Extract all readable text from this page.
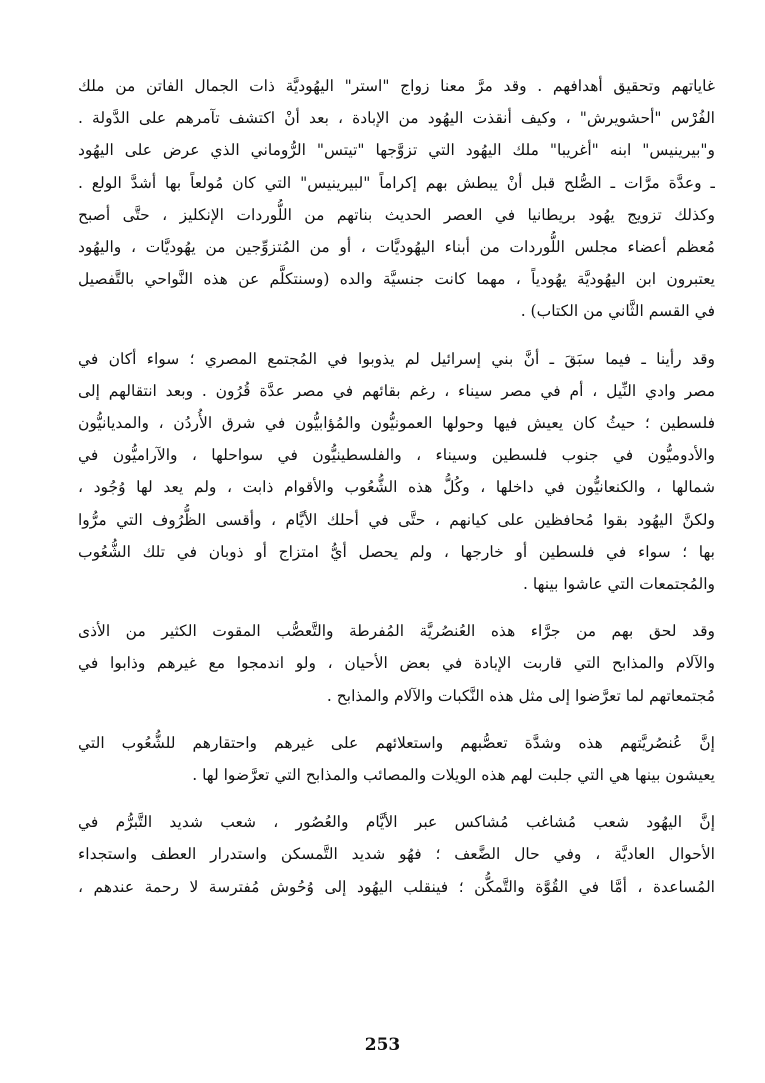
غاياتهم وتحقيق أهدافهم . وقد مرَّ معنا زواج "استر" اليهُوديَّة ذات الجمال الفاتن من ملك
الفُرْس "أحشويرش" ، وكيف أنقذت اليهُود من الإبادة ، بعد أنْ اكتشف تآمرهم على الدَّولة .
و"بيرينيس" ابنه "أغريبا" ملك اليهُود التي تزوَّجها "تيتس" الرُّوماني الذي عرض على اليهُود
ـ وعدَّة مرَّات ـ الصُّلح قبل أنْ يبطش بهم إكراماً "لبيرينيس" التي كان مُولعاً بها أشدَّ الولع .
وكذلك تزويج يهُود بريطانيا في العصر الحديث بناتهم من اللُّوردات الإنكليز ، حتَّى أصبح
مُعظم أعضاء مجلس اللُّوردات من أبناء اليهُوديَّات ، أو من المُتزوِّجين من يهُوديَّات ، واليهُود
يعتبرون ابن اليهُوديَّة يهُودياً ، مهما كانت جنسيَّة والده (وسنتكلَّم عن هذه النَّواحي بالتَّفصيل
في القسم الثَّاني من الكتاب) .

وقد رأينا ـ فيما سبَقَ ـ أنَّ بني إسرائيل لم يذوبوا في المُجتمع المصري ؛ سواء أكان في
مصر وادي النِّيل ، أم في مصر سيناء ، رغم بقائهم في مصر عدَّة قُرُون . وبعد انتقالهم إلى
فلسطين ؛ حيثُ كان يعيش فيها وحولها العمونيُّون والمُؤابيُّون في شرق الأُردُن ، والمديانيُّون
والأدوميُّون في جنوب فلسطين وسيناء ، والفلسطينيُّون في سواحلها ، والآراميُّون في
شمالها ، والكنعانيُّون في داخلها ، وكُلُّ هذه الشُّعُوب والأقوام ذابت ، ولم يعد لها وُجُود ،
ولكنَّ اليهُود بقوا مُحافظين على كيانهم ، حتَّى في أحلك الأيَّام ، وأقسى الظُّرُوف التي مرُّوا
بها ؛ سواء في فلسطين أو خارجها ، ولم يحصل أيُّ امتزاج أو ذوبان في تلك الشُّعُوب
والمُجتمعات التي عاشوا بينها .

وقد لحق بهم من جرَّاء هذه العُنصُريَّة المُفرطة والتَّعصُّب المقوت الكثير من الأذى
والآلام والمذابح التي قاربت الإبادة في بعض الأحيان ، ولو اندمجوا مع غيرهم وذابوا في
مُجتمعاتهم لما تعرَّضوا إلى مثل هذه النَّكبات والآلام والمذابح .

إنَّ عُنصُريَّتهم هذه وشدَّة تعصُّبهم واستعلائهم على غيرهم واحتقارهم للشُّعُوب التي
يعيشون بينها هي التي جلبت لهم هذه الويلات والمصائب والمذابح التي تعرَّضوا لها .

إنَّ اليهُود شعب مُشاغب مُشاكس عبر الأيَّام والعُصُور ، شعب شديد التَّبرُّم في
الأحوال العاديَّة ، وفي حال الضَّعف ؛ فهُو شديد التَّمسكن واستدرار العطف واستجداء
المُساعدة ، أمَّا في القُوَّة والتَّمكُّن ؛ فينقلب اليهُود إلى وُحُوش مُفترسة لا رحمة عندهم ،

253
